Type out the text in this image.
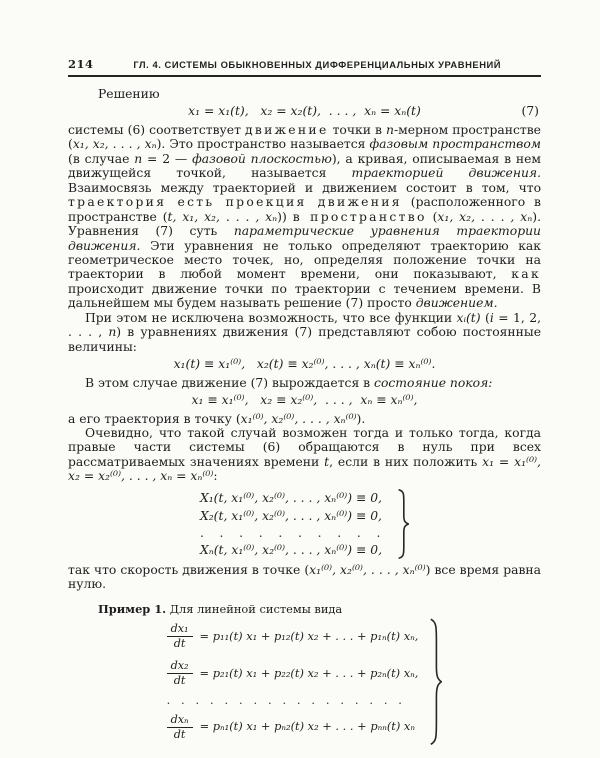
214	ГЛ. 4. СИСТЕМЫ ОБЫКНОВЕННЫХ ДИФФЕРЕНЦИАЛЬНЫХ УРАВНЕНИЙ

Решению

x₁ = x₁(t),   x₂ = x₂(t),  . . . ,  xₙ = xₙ(t)	(7)

системы (6) соответствует движение точки в n-мерном пространстве (x₁, x₂, . . . , xₙ). Это пространство называется фазовым пространством (в случае n = 2 — фазовой плоскостью), а кривая, описываемая в нем движущейся точкой, называется траекторией движения. Взаимосвязь между траекторией и движением состоит в том, что траектория есть проекция движения (расположенного в пространстве (t, x₁, x₂, . . . , xₙ)) в пространство (x₁, x₂, . . . , xₙ). Уравнения (7) суть параметрические уравнения траектории движения. Эти уравнения не только определяют траекторию как геометрическое место точек, но, определяя положение точки на траектории в любой момент времени, они показывают, как происходит движение точки по траектории с течением времени. В дальнейшем мы будем называть решение (7) просто движением.

При этом не исключена возможность, что все функции xᵢ(t) (i = 1, 2, . . . , n) в уравнениях движения (7) представляют собою постоянные величины:

x₁(t) ≡ x₁⁽⁰⁾,   x₂(t) ≡ x₂⁽⁰⁾, . . . , xₙ(t) ≡ xₙ⁽⁰⁾.

В этом случае движение (7) вырождается в состояние покоя:

x₁ ≡ x₁⁽⁰⁾,   x₂ ≡ x₂⁽⁰⁾,  . . . ,  xₙ ≡ xₙ⁽⁰⁾,

а его траектория в точку (x₁⁽⁰⁾, x₂⁽⁰⁾, . . . , xₙ⁽⁰⁾).

Очевидно, что такой случай возможен тогда и только тогда, когда правые части системы (6) обращаются в нуль при всех рассматриваемых значениях времени t, если в них положить x₁ = x₁⁽⁰⁾, x₂ = x₂⁽⁰⁾, . . . , xₙ = xₙ⁽⁰⁾:

X₁(t, x₁⁽⁰⁾, x₂⁽⁰⁾, . . . , xₙ⁽⁰⁾) ≡ 0,
X₂(t, x₁⁽⁰⁾, x₂⁽⁰⁾, . . . , xₙ⁽⁰⁾) ≡ 0,
.    .    .    .    .    .    .    .    .    .
Xₙ(t, x₁⁽⁰⁾, x₂⁽⁰⁾, . . . , xₙ⁽⁰⁾) ≡ 0,

так что скорость движения в точке (x₁⁽⁰⁾, x₂⁽⁰⁾, . . . , xₙ⁽⁰⁾) все время равна нулю.

Пример 1. Для линейной системы вида

$\frac{\text{dx₁}}{dt} = p_{11}(t) x_1 + p_{12}(t) x_2$ + . . . + p₁ₙ(t) xₙ,
$\frac{\text{dx₂}}{dt} = p_{21}(t) x_1 + p_{22}(t) x_2$ + . . . + p₂ₙ(t) xₙ,
.   .   .   .   .   .   .   .   .   .   .   .   .   .   .   .   .
$\frac{\text{dxₙ}}{dt} = p_{n1}(t) x_1 + p_{n2}(t) x_2$ + . . . + pₙₙ(t) xₙ
